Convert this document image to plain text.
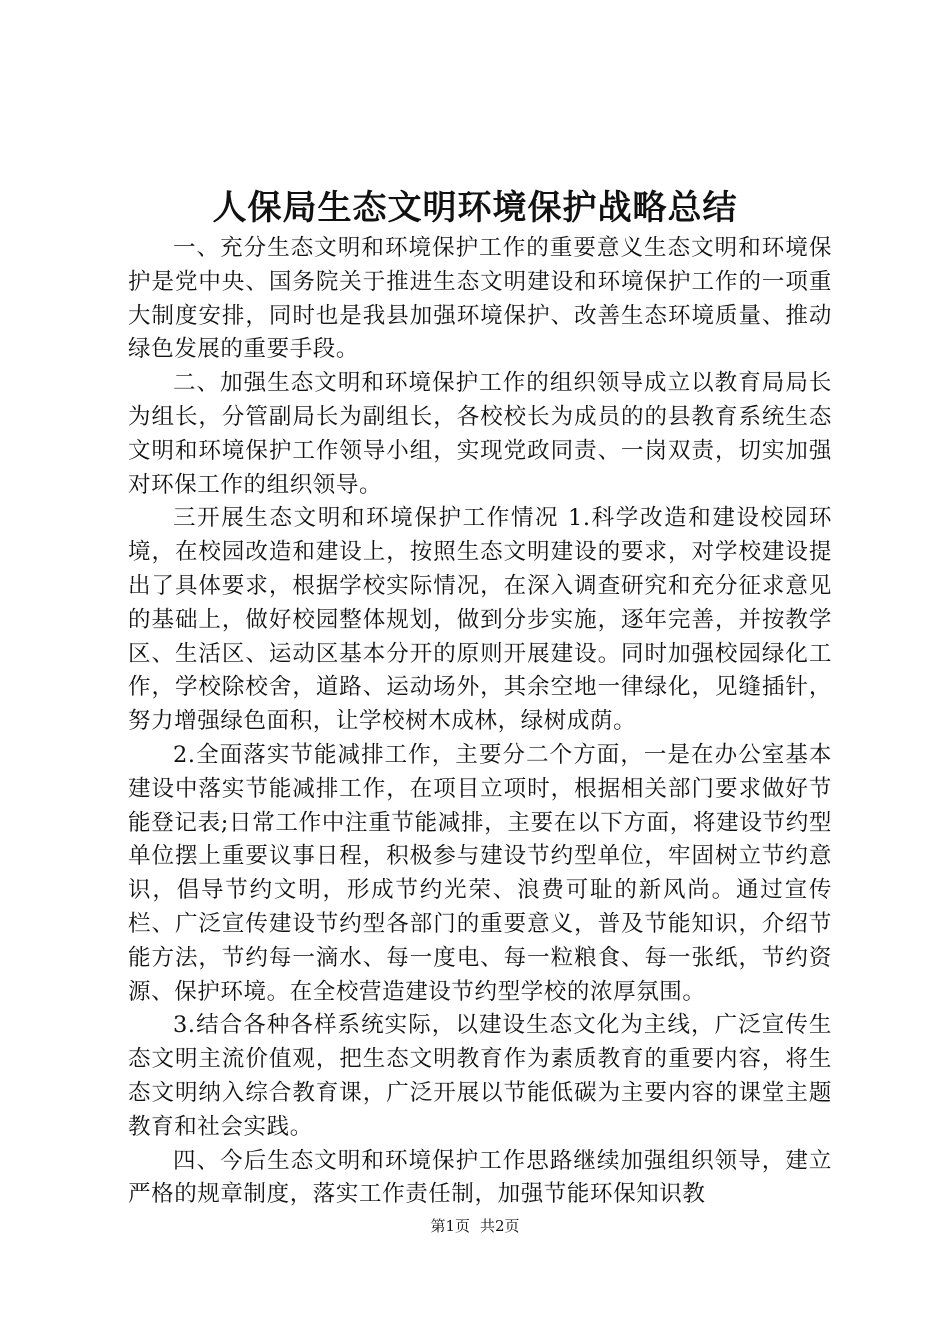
人保局生态文明环境保护战略总结

一、充分生态文明和环境保护工作的重要意义生态文明和环境保护是党中央、国务院关于推进生态文明建设和环境保护工作的一项重大制度安排，同时也是我县加强环境保护、改善生态环境质量、推动绿色发展的重要手段。

二、加强生态文明和环境保护工作的组织领导成立以教育局局长为组长，分管副局长为副组长，各校校长为成员的的县教育系统生态文明和环境保护工作领导小组，实现党政同责、一岗双责，切实加强对环保工作的组织领导。

三开展生态文明和环境保护工作情况 1.科学改造和建设校园环境，在校园改造和建设上，按照生态文明建设的要求，对学校建设提出了具体要求，根据学校实际情况，在深入调查研究和充分征求意见的基础上，做好校园整体规划，做到分步实施，逐年完善，并按教学区、生活区、运动区基本分开的原则开展建设。同时加强校园绿化工作，学校除校舍，道路、运动场外，其余空地一律绿化，见缝插针，努力增强绿色面积，让学校树木成林，绿树成荫。

2.全面落实节能减排工作，主要分二个方面，一是在办公室基本建设中落实节能减排工作，在项目立项时，根据相关部门要求做好节能登记表;日常工作中注重节能减排，主要在以下方面，将建设节约型单位摆上重要议事日程，积极参与建设节约型单位，牢固树立节约意识，倡导节约文明，形成节约光荣、浪费可耻的新风尚。通过宣传栏、广泛宣传建设节约型各部门的重要意义，普及节能知识，介绍节能方法，节约每一滴水、每一度电、每一粒粮食、每一张纸，节约资源、保护环境。在全校营造建设节约型学校的浓厚氛围。

3.结合各种各样系统实际，以建设生态文化为主线，广泛宣传生态文明主流价值观，把生态文明教育作为素质教育的重要内容，将生态文明纳入综合教育课，广泛开展以节能低碳为主要内容的课堂主题教育和社会实践。

四、今后生态文明和环境保护工作思路继续加强组织领导，建立严格的规章制度，落实工作责任制，加强节能环保知识教

第1页 共2页
